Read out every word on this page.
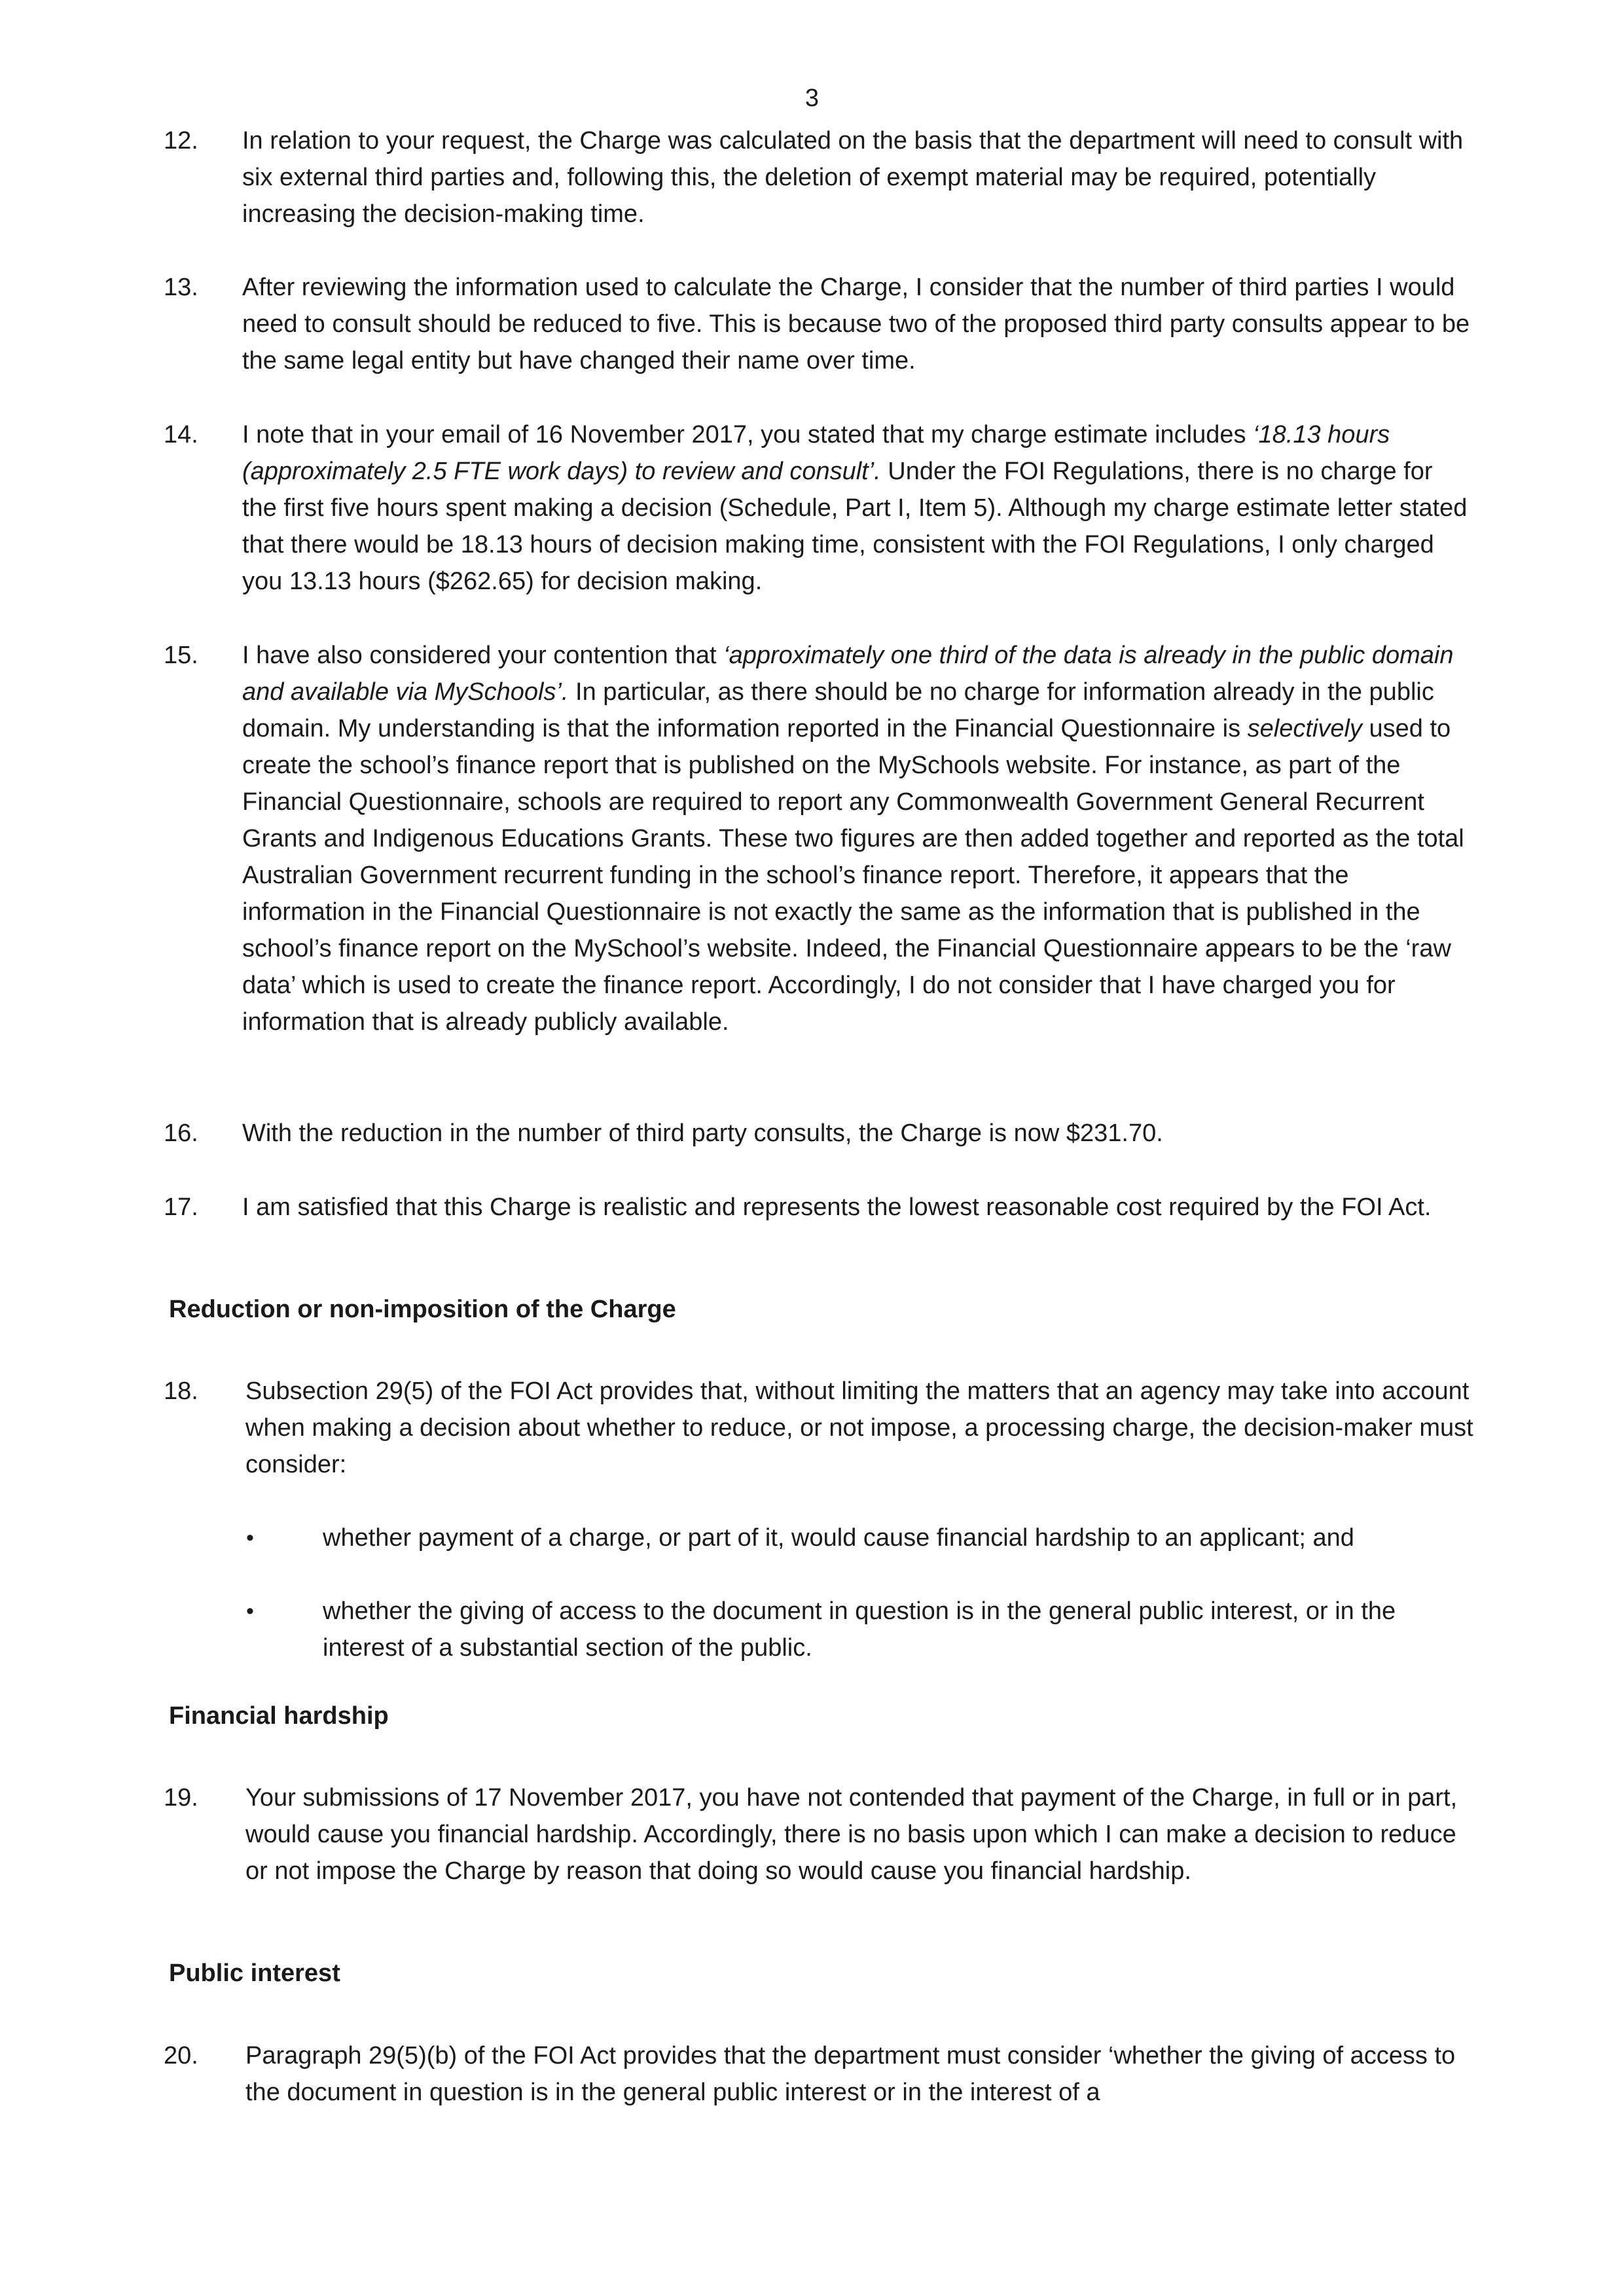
3
12. In relation to your request, the Charge was calculated on the basis that the department will need to consult with six external third parties and, following this, the deletion of exempt material may be required, potentially increasing the decision-making time.
13. After reviewing the information used to calculate the Charge, I consider that the number of third parties I would need to consult should be reduced to five. This is because two of the proposed third party consults appear to be the same legal entity but have changed their name over time.
14. I note that in your email of 16 November 2017, you stated that my charge estimate includes ‘18.13 hours (approximately 2.5 FTE work days) to review and consult’. Under the FOI Regulations, there is no charge for the first five hours spent making a decision (Schedule, Part I, Item 5). Although my charge estimate letter stated that there would be 18.13 hours of decision making time, consistent with the FOI Regulations, I only charged you 13.13 hours ($262.65) for decision making.
15. I have also considered your contention that ‘approximately one third of the data is already in the public domain and available via MySchools’. In particular, as there should be no charge for information already in the public domain. My understanding is that the information reported in the Financial Questionnaire is selectively used to create the school’s finance report that is published on the MySchools website. For instance, as part of the Financial Questionnaire, schools are required to report any Commonwealth Government General Recurrent Grants and Indigenous Educations Grants. These two figures are then added together and reported as the total Australian Government recurrent funding in the school’s finance report. Therefore, it appears that the information in the Financial Questionnaire is not exactly the same as the information that is published in the school’s finance report on the MySchool’s website. Indeed, the Financial Questionnaire appears to be the ‘raw data’ which is used to create the finance report. Accordingly, I do not consider that I have charged you for information that is already publicly available.
16. With the reduction in the number of third party consults, the Charge is now $231.70.
17. I am satisfied that this Charge is realistic and represents the lowest reasonable cost required by the FOI Act.
Reduction or non-imposition of the Charge
18. Subsection 29(5) of the FOI Act provides that, without limiting the matters that an agency may take into account when making a decision about whether to reduce, or not impose, a processing charge, the decision-maker must consider:
•	whether payment of a charge, or part of it, would cause financial hardship to an applicant; and
•	whether the giving of access to the document in question is in the general public interest, or in the interest of a substantial section of the public.
Financial hardship
19. Your submissions of 17 November 2017, you have not contended that payment of the Charge, in full or in part, would cause you financial hardship. Accordingly, there is no basis upon which I can make a decision to reduce or not impose the Charge by reason that doing so would cause you financial hardship.
Public interest
20. Paragraph 29(5)(b) of the FOI Act provides that the department must consider ‘whether the giving of access to the document in question is in the general public interest or in the interest of a
